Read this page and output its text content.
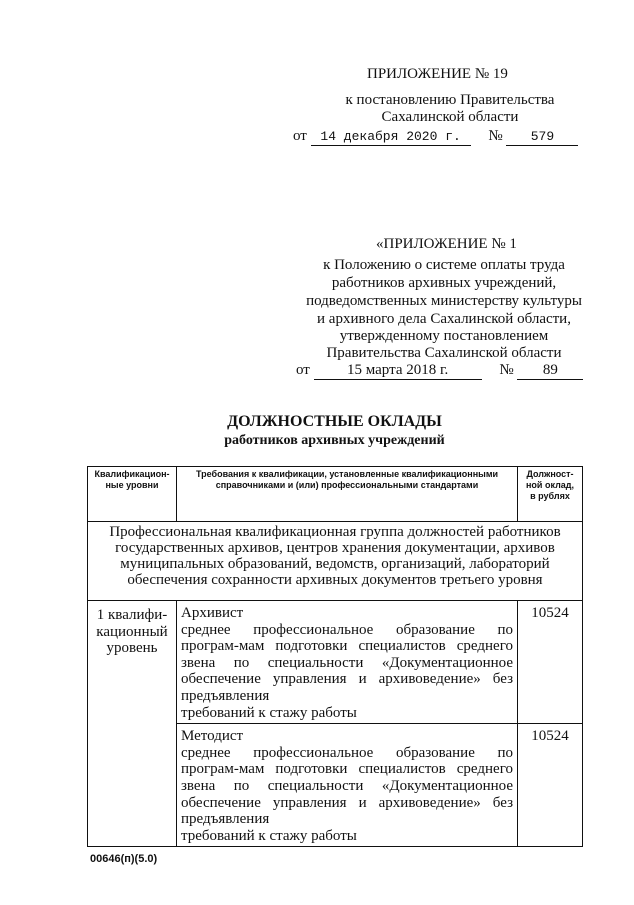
ПРИЛОЖЕНИЕ № 19
к постановлению Правительства
Сахалинской области
от 14 декабря 2020 г. № 579
«ПРИЛОЖЕНИЕ № 1
к Положению о системе оплаты труда
работников архивных учреждений,
подведомственных министерству культуры
и архивного дела Сахалинской области,
утвержденному постановлением
Правительства Сахалинской области
от 15 марта 2018 г.	№ 89
ДОЛЖНОСТНЫЕ ОКЛАДЫ
работников архивных учреждений
Квалификацион-ные уровни	Требования к квалификации, установленные квалификационными справочниками и (или) профессиональными стандартами	Должност-ной оклад, в рублях
Профессиональная квалификационная группа должностей работников государственных архивов, центров хранения документации, архивов муниципальных образований, ведомств, организаций, лабораторий обеспечения сохранности архивных документов третьего уровня		
1 квалифи-кационный уровень	Архивист
среднее профессиональное образование по програм-мам подготовки специалистов среднего звена по специальности «Документационное обеспечение управления и архивоведение» без предъявления
требований к стажу работы	10524

	Методист
среднее профессиональное образование по програм-мам подготовки специалистов среднего звена по специальности «Документационное обеспечение управления и архивоведение» без предъявления
требований к стажу работы	10524
00646(п)(5.0)
